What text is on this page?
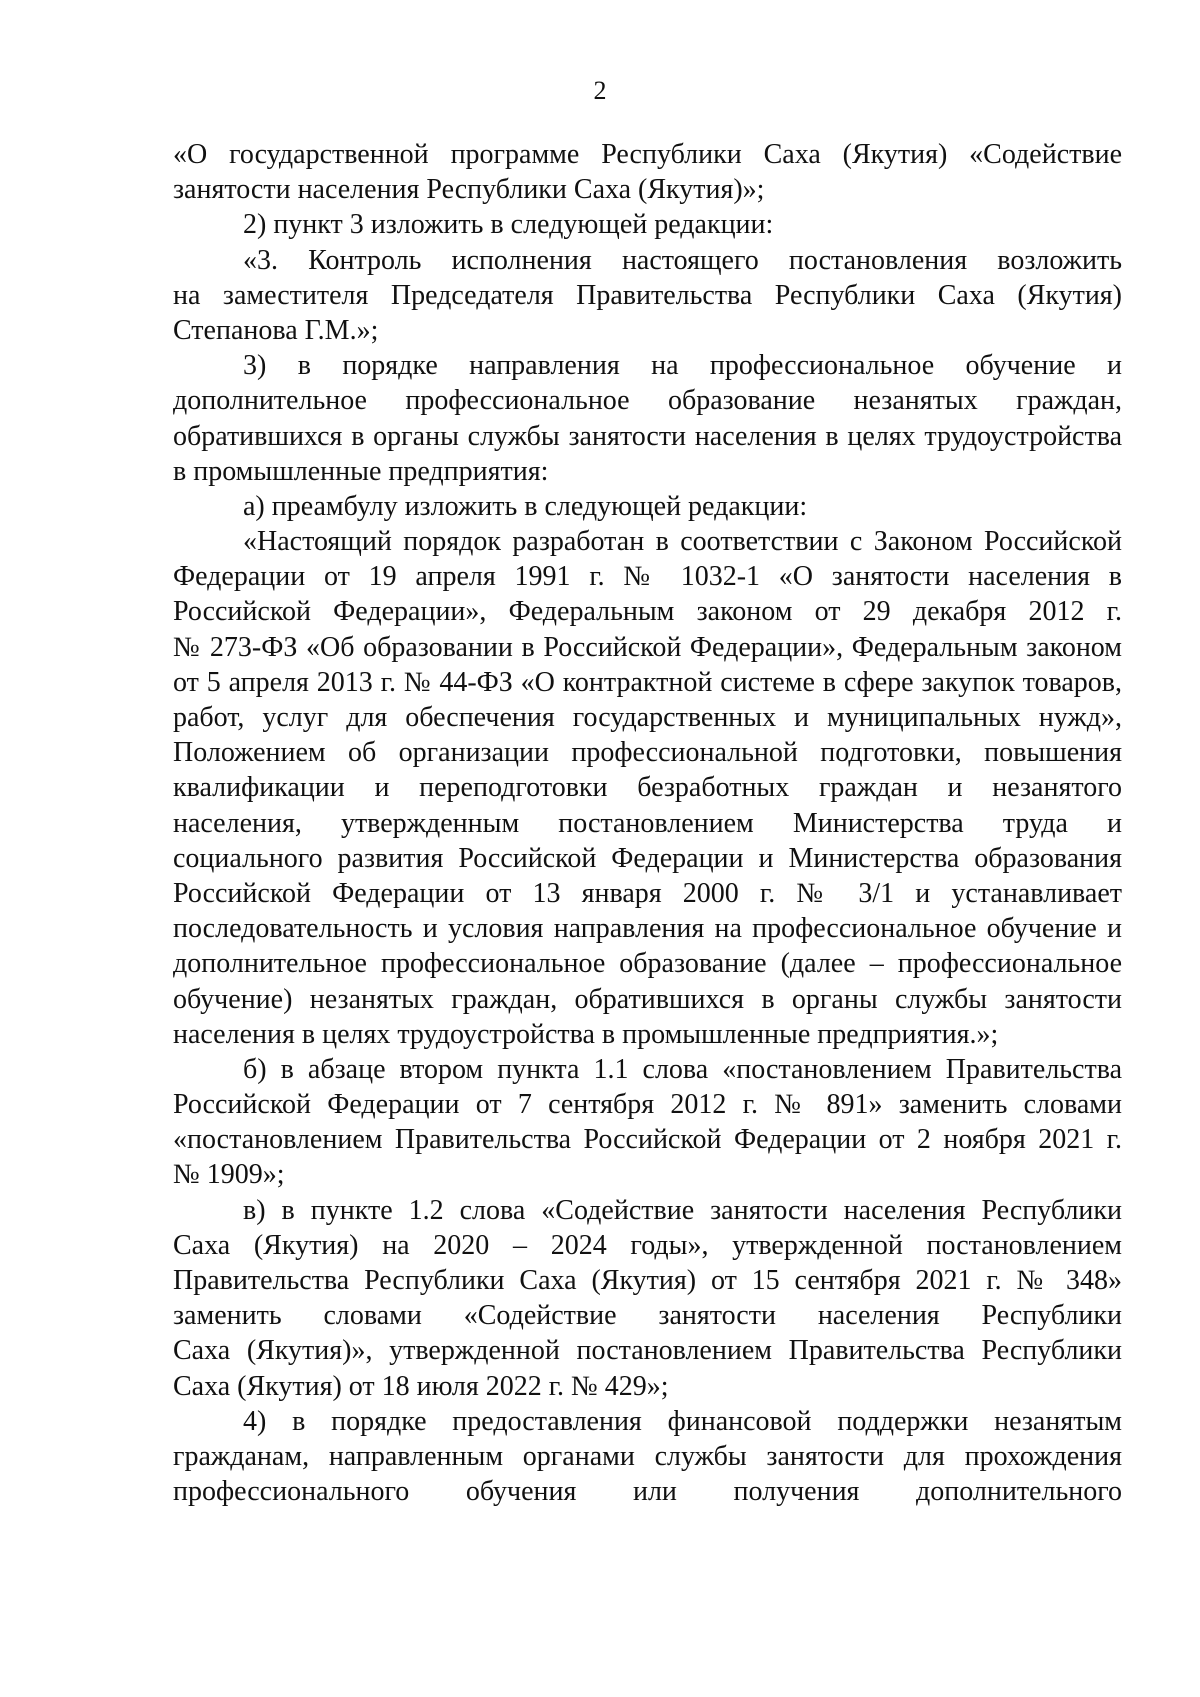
2
«О государственной программе Республики Саха (Якутия) «Содействие
занятости населения Республики Саха (Якутия)»;
2) пункт 3 изложить в следующей редакции:
«3. Контроль исполнения настоящего постановления возложить
на заместителя Председателя Правительства Республики Саха (Якутия)
Степанова Г.М.»;
3) в порядке направления на профессиональное обучение и
дополнительное профессиональное образование незанятых граждан,
обратившихся в органы службы занятости населения в целях трудоустройства
в промышленные предприятия:
а) преамбулу изложить в следующей редакции:
«Настоящий порядок разработан в соответствии с Законом Российской
Федерации от 19 апреля 1991 г. № 1032-1 «О занятости населения в
Российской Федерации», Федеральным законом от 29 декабря 2012 г.
№ 273-ФЗ «Об образовании в Российской Федерации», Федеральным законом
от 5 апреля 2013 г. № 44-ФЗ «О контрактной системе в сфере закупок товаров,
работ, услуг для обеспечения государственных и муниципальных нужд»,
Положением об организации профессиональной подготовки, повышения
квалификации и переподготовки безработных граждан и незанятого
населения, утвержденным постановлением Министерства труда и
социального развития Российской Федерации и Министерства образования
Российской Федерации от 13 января 2000 г. № 3/1 и устанавливает
последовательность и условия направления на профессиональное обучение и
дополнительное профессиональное образование (далее – профессиональное
обучение) незанятых граждан, обратившихся в органы службы занятости
населения в целях трудоустройства в промышленные предприятия.»;
б) в абзаце втором пункта 1.1 слова «постановлением Правительства
Российской Федерации от 7 сентября 2012 г. № 891» заменить словами
«постановлением Правительства Российской Федерации от 2 ноября 2021 г.
№ 1909»;
в) в пункте 1.2 слова «Содействие занятости населения Республики
Саха (Якутия) на 2020 – 2024 годы», утвержденной постановлением
Правительства Республики Саха (Якутия) от 15 сентября 2021 г. № 348»
заменить словами «Содействие занятости населения Республики
Саха (Якутия)», утвержденной постановлением Правительства Республики
Саха (Якутия) от 18 июля 2022 г. № 429»;
4) в порядке предоставления финансовой поддержки незанятым
гражданам, направленным органами службы занятости для прохождения
профессионального обучения или получения дополнительного
